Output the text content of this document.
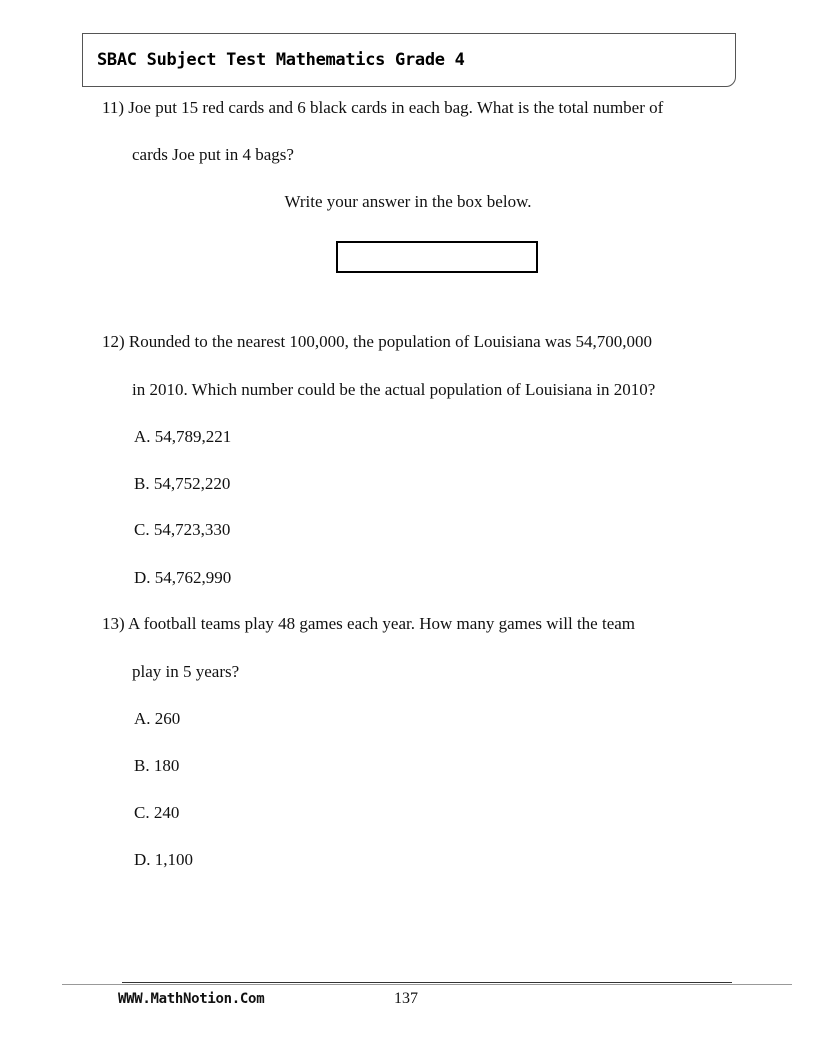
SBAC Subject Test Mathematics Grade 4
11) Joe put 15 red cards and 6 black cards in each bag. What is the total number of
cards Joe put in 4 bags?
Write your answer in the box below.
12) Rounded to the nearest 100,000, the population of Louisiana was 54,700,000
in 2010. Which number could be the actual population of Louisiana in 2010?
A. 54,789,221
B. 54,752,220
C. 54,723,330
D. 54,762,990
13) A football teams play 48 games each year. How many games will the team
play in 5 years?
A. 260
B. 180
C. 240
D. 1,100
WWW.MathNotion.Com	137
